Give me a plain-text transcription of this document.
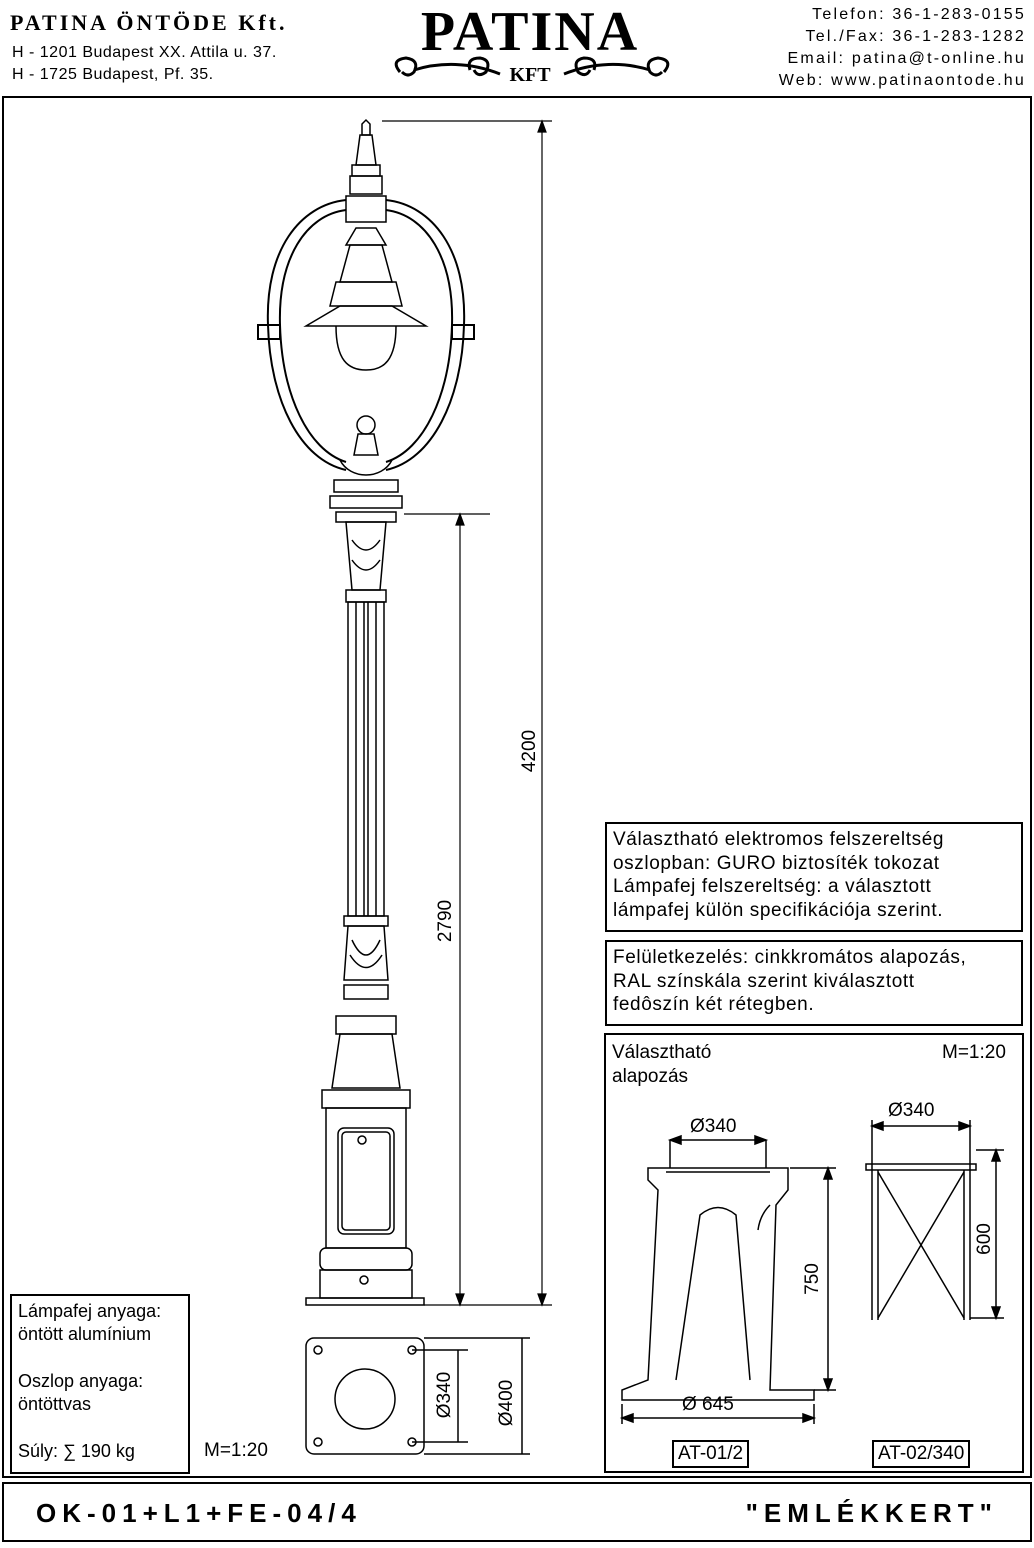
PATINA ÖNTÖDE Kft.
H - 1201 Budapest XX. Attila u. 37.
H - 1725 Budapest, Pf. 35.
PATINA
KFT
Telefon: 36-1-283-0155
Tel./Fax: 36-1-283-1282
Email: patina@t-online.hu
Web: www.patinaontode.hu
4200
2790
Ø340 Ø400
M=1:20
Lámpafej anyaga:
öntött alumínium
Oszlop anyaga:
öntöttvas
Súly: ∑ 190 kg
Választható elektromos felszereltség
oszlopban: GURO biztosíték tokozat
Lámpafej felszereltség: a választott
lámpafej külön specifikációja szerint.
Felületkezelés: cinkkromátos alapozás,
RAL színskála szerint kiválasztott
fedôszín két rétegben.
Választható
alapozás
M=1:20
Ø340
750
Ø 645
AT-01/2
Ø340
600
AT-02/340
OK-01+L1+FE-04/4	"EMLÉKKERT"
